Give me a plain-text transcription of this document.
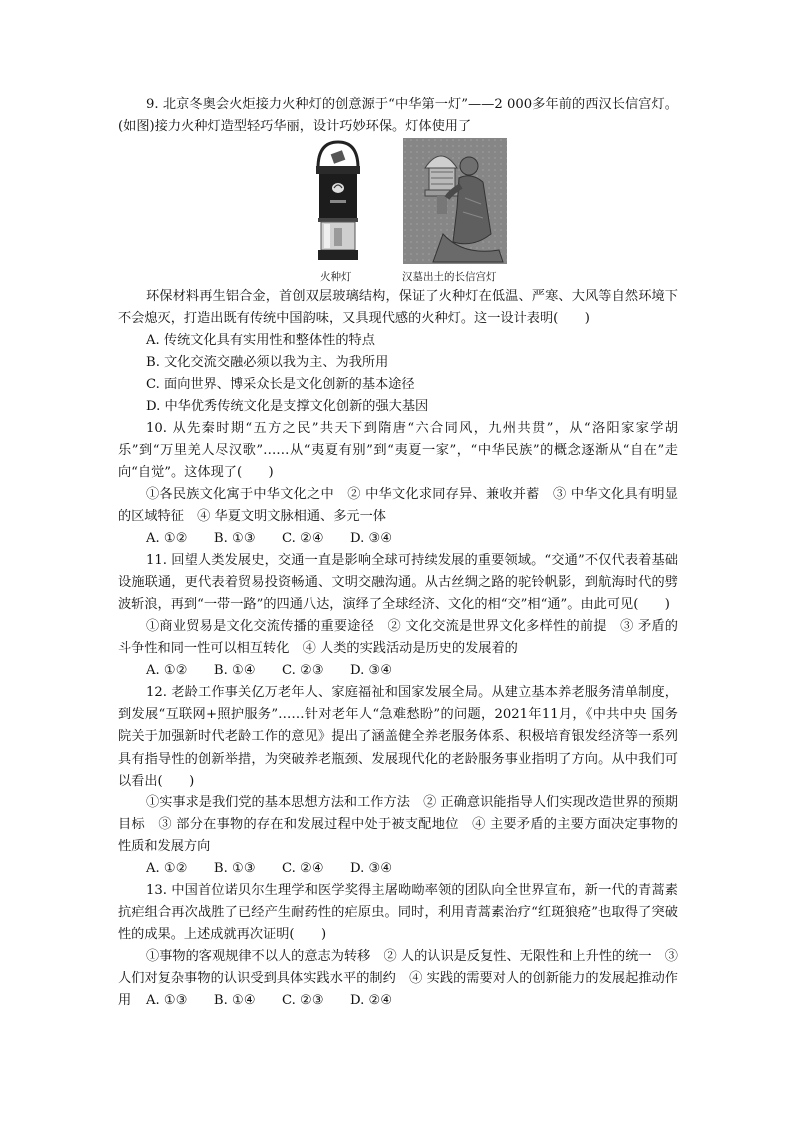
9. 北京冬奥会火炬接力火种灯的创意源于“中华第一灯”——2 000多年前的西汉长信宫灯。(如图)接力火种灯造型轻巧华丽，设计巧妙环保。灯体使用了

火种灯	汉墓出土的长信宫灯

环保材料再生铝合金，首创双层玻璃结构，保证了火种灯在低温、严寒、大风等自然环境下不会熄灭，打造出既有传统中国韵味，又具现代感的火种灯。这一设计表明(　　)

A. 传统文化具有实用性和整体性的特点

B. 文化交流交融必须以我为主、为我所用

C. 面向世界、博采众长是文化创新的基本途径

D. 中华优秀传统文化是支撑文化创新的强大基因

10. 从先秦时期“五方之民”共天下到隋唐“六合同风，九州共贯”，从“洛阳家家学胡乐”到“万里羌人尽汉歌”……从“夷夏有别”到“夷夏一家”，“中华民族”的概念逐渐从“自在”走向“自觉”。这体现了(　　)

①各民族文化寓于中华文化之中　② 中华文化求同存异、兼收并蓄　③ 中华文化具有明显的区域特征　④ 华夏文明文脉相通、多元一体

A. ①②　　B. ①③　　C. ②④　　D. ③④

11. 回望人类发展史，交通一直是影响全球可持续发展的重要领域。“交通”不仅代表着基础设施联通，更代表着贸易投资畅通、文明交融沟通。从古丝绸之路的驼铃帆影，到航海时代的劈波斩浪，再到“一带一路”的四通八达，演绎了全球经济、文化的相“交”相“通”。由此可见(　　)

①商业贸易是文化交流传播的重要途径　② 文化交流是世界文化多样性的前提　③ 矛盾的斗争性和同一性可以相互转化　④ 人类的实践活动是历史的发展着的

A. ①②　　B. ①④　　C. ②③　　D. ③④

12. 老龄工作事关亿万老年人、家庭福祉和国家发展全局。从建立基本养老服务清单制度，到发展“互联网+照护服务”……针对老年人“急难愁盼”的问题，2021年11月，《中共中央 国务院关于加强新时代老龄工作的意见》提出了涵盖健全养老服务体系、积极培育银发经济等一系列具有指导性的创新举措，为突破养老瓶颈、发展现代化的老龄服务事业指明了方向。从中我们可以看出(　　)

①实事求是我们党的基本思想方法和工作方法　② 正确意识能指导人们实现改造世界的预期目标　③ 部分在事物的存在和发展过程中处于被支配地位　④ 主要矛盾的主要方面决定事物的性质和发展方向

A. ①②　　B. ①③　　C. ②④　　D. ③④

13. 中国首位诺贝尔生理学和医学奖得主屠呦呦率领的团队向全世界宣布，新一代的青蒿素抗疟组合再次战胜了已经产生耐药性的疟原虫。同时，利用青蒿素治疗“红斑狼疮”也取得了突破性的成果。上述成就再次证明(　　)

①事物的客观规律不以人的意志为转移　② 人的认识是反复性、无限性和上升性的统一　③ 人们对复杂事物的认识受到具体实践水平的制约　④ 实践的需要对人的创新能力的发展起推动作用	A. ①③　　B. ①④　　C. ②③　　D. ②④
